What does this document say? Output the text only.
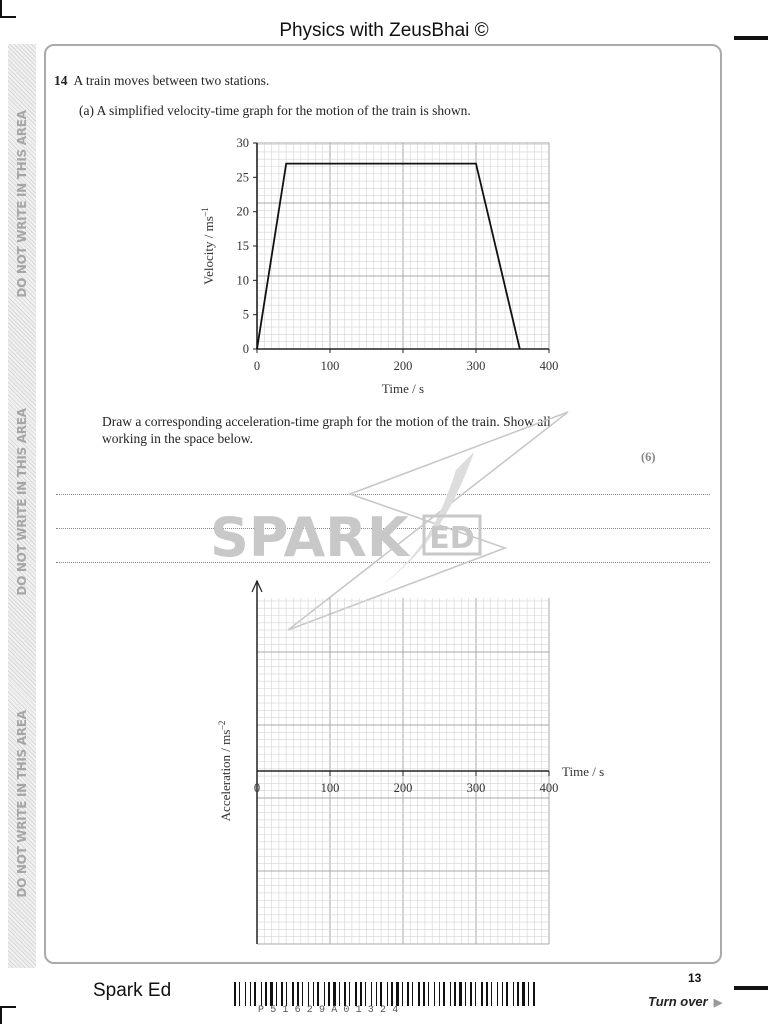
Physics with ZeusBhai ©
DO NOT WRITE IN THIS AREA
DO NOT WRITE IN THIS AREA
DO NOT WRITE IN THIS AREA
14 A train moves between two stations.
(a) A simplified velocity-time graph for the motion of the train is shown.
Draw a corresponding acceleration-time graph for the motion of the train. Show all
working in the space below.
(6)
0	100	200	300	400
0
5
10
15
20
25
30
Time / s
Velocity / $ms^{-1}$
SPARK ED
0	100	200	300	400
Time / s
Acceleration / $ms^{-2}$
Spark Ed
P51629A01324
13
Turn over ▶
